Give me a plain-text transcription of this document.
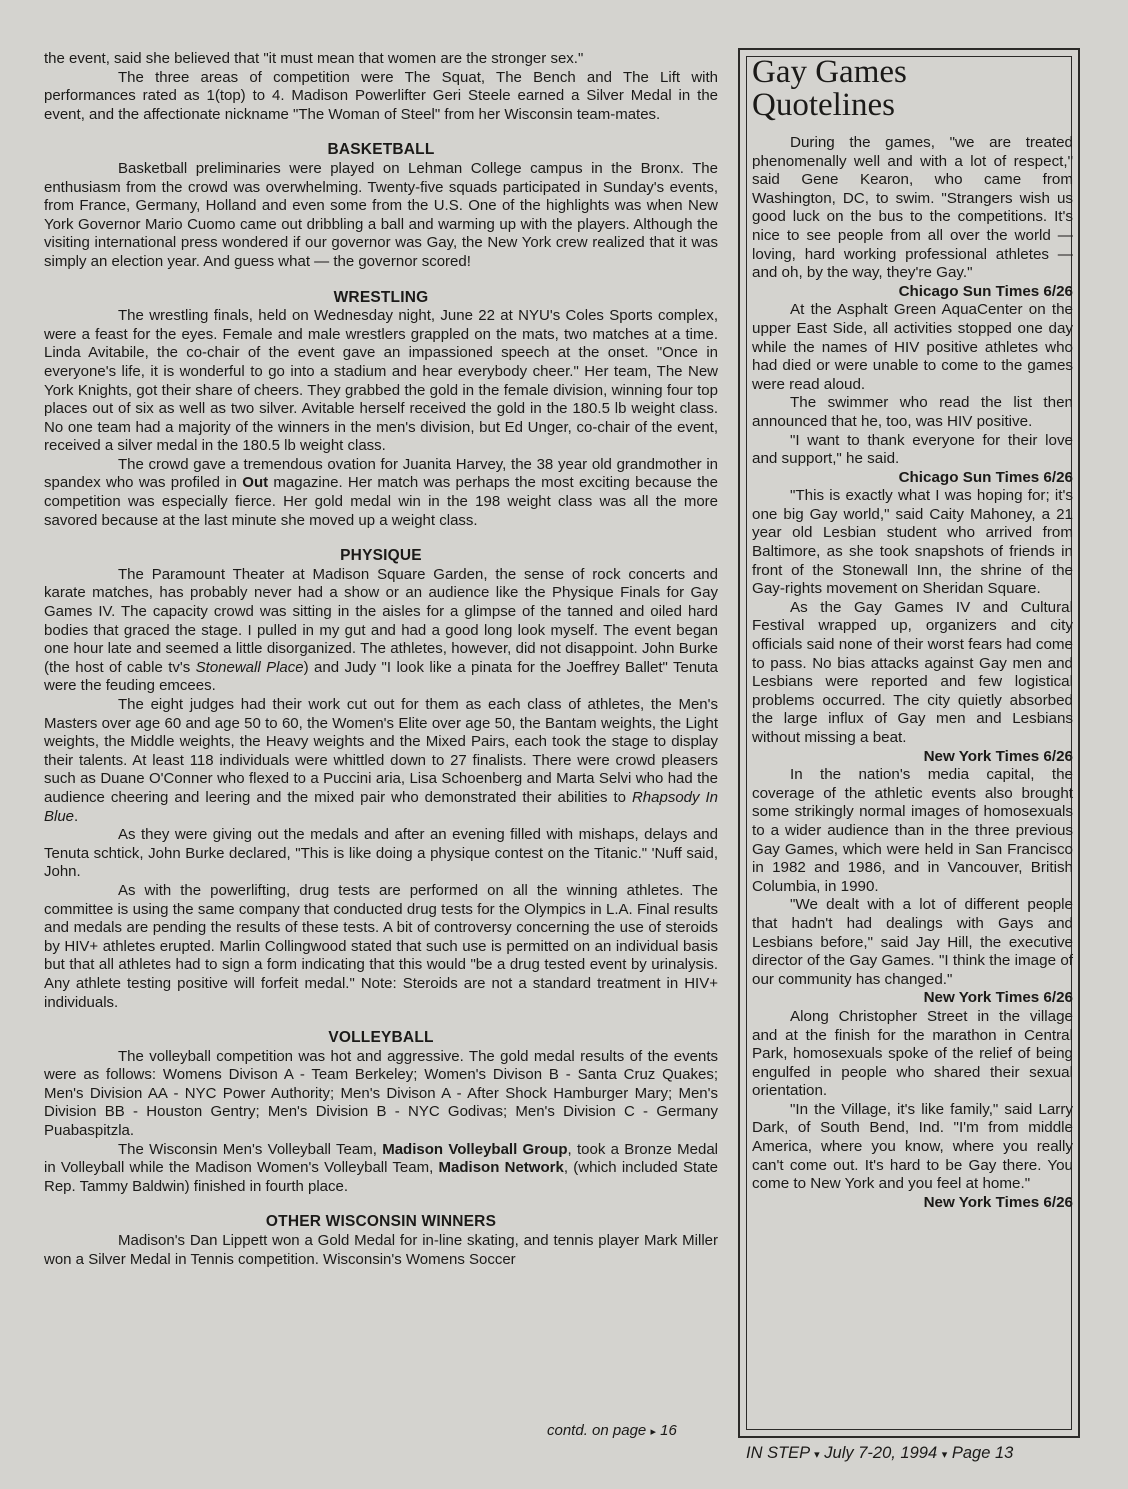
the event, said she believed that "it must mean that women are the stronger sex."

The three areas of competition were The Squat, The Bench and The Lift with performances rated as 1(top) to 4. Madison Powerlifter Geri Steele earned a Silver Medal in the event, and the affectionate nickname "The Woman of Steel" from her Wisconsin team-mates.

BASKETBALL

Basketball preliminaries were played on Lehman College campus in the Bronx. The enthusiasm from the crowd was overwhelming. Twenty-five squads participated in Sunday's events, from France, Germany, Holland and even some from the U.S. One of the highlights was when New York Governor Mario Cuomo came out dribbling a ball and warming up with the players. Although the visiting international press wondered if our governor was Gay, the New York crew realized that it was simply an election year. And guess what — the governor scored!

WRESTLING

The wrestling finals, held on Wednesday night, June 22 at NYU's Coles Sports complex, were a feast for the eyes. Female and male wrestlers grappled on the mats, two matches at a time. Linda Avitabile, the co-chair of the event gave an impassioned speech at the onset. "Once in everyone's life, it is wonderful to go into a stadium and hear everybody cheer." Her team, The New York Knights, got their share of cheers. They grabbed the gold in the female division, winning four top places out of six as well as two silver. Avitable herself received the gold in the 180.5 lb weight class. No one team had a majority of the winners in the men's division, but Ed Unger, co-chair of the event, received a silver medal in the 180.5 lb weight class.

The crowd gave a tremendous ovation for Juanita Harvey, the 38 year old grandmother in spandex who was profiled in Out magazine. Her match was perhaps the most exciting because the competition was especially fierce. Her gold medal win in the 198 weight class was all the more savored because at the last minute she moved up a weight class.

PHYSIQUE

The Paramount Theater at Madison Square Garden, the sense of rock concerts and karate matches, has probably never had a show or an audience like the Physique Finals for Gay Games IV. The capacity crowd was sitting in the aisles for a glimpse of the tanned and oiled hard bodies that graced the stage. I pulled in my gut and had a good long look myself. The event began one hour late and seemed a little disorganized. The athletes, however, did not disappoint. John Burke (the host of cable tv's Stonewall Place) and Judy "I look like a pinata for the Joeffrey Ballet" Tenuta were the feuding emcees.

The eight judges had their work cut out for them as each class of athletes, the Men's Masters over age 60 and age 50 to 60, the Women's Elite over age 50, the Bantam weights, the Light weights, the Middle weights, the Heavy weights and the Mixed Pairs, each took the stage to display their talents. At least 118 individuals were whittled down to 27 finalists. There were crowd pleasers such as Duane O'Conner who flexed to a Puccini aria, Lisa Schoenberg and Marta Selvi who had the audience cheering and leering and the mixed pair who demonstrated their abilities to Rhapsody In Blue.

As they were giving out the medals and after an evening filled with mishaps, delays and Tenuta schtick, John Burke declared, "This is like doing a physique contest on the Titanic." 'Nuff said, John.

As with the powerlifting, drug tests are performed on all the winning athletes. The committee is using the same company that conducted drug tests for the Olympics in L.A. Final results and medals are pending the results of these tests. A bit of controversy concerning the use of steroids by HIV+ athletes erupted. Marlin Collingwood stated that such use is permitted on an individual basis but that all athletes had to sign a form indicating that this would "be a drug tested event by urinalysis. Any athlete testing positive will forfeit medal." Note: Steroids are not a standard treatment in HIV+ individuals.

VOLLEYBALL

The volleyball competition was hot and aggressive. The gold medal results of the events were as follows: Womens Divison A - Team Berkeley; Women's Divison B - Santa Cruz Quakes; Men's Division AA - NYC Power Authority; Men's Divison A - After Shock Hamburger Mary; Men's Division BB - Houston Gentry; Men's Division B - NYC Godivas; Men's Division C - Germany Puabaspitzla.

The Wisconsin Men's Volleyball Team, Madison Volleyball Group, took a Bronze Medal in Volleyball while the Madison Women's Volleyball Team, Madison Network, (which included State Rep. Tammy Baldwin) finished in fourth place.

OTHER WISCONSIN WINNERS

Madison's Dan Lippett won a Gold Medal for in-line skating, and tennis player Mark Miller won a Silver Medal in Tennis competition. Wisconsin's Womens Soccer

contd. on page ▸ 16
Gay Games
Quotelines

During the games, "we are treated phenomenally well and with a lot of respect," said Gene Kearon, who came from Washington, DC, to swim. "Strangers wish us good luck on the bus to the competitions. It's nice to see people from all over the world — loving, hard working professional athletes — and oh, by the way, they're Gay."

Chicago Sun Times 6/26

At the Asphalt Green AquaCenter on the upper East Side, all activities stopped one day while the names of HIV positive athletes who had died or were unable to come to the games were read aloud.

The swimmer who read the list then announced that he, too, was HIV positive.

"I want to thank everyone for their love and support," he said.

Chicago Sun Times 6/26

"This is exactly what I was hoping for; it's one big Gay world," said Caity Mahoney, a 21 year old Lesbian student who arrived from Baltimore, as she took snapshots of friends in front of the Stonewall Inn, the shrine of the Gay-rights movement on Sheridan Square.

As the Gay Games IV and Cultural Festival wrapped up, organizers and city officials said none of their worst fears had come to pass. No bias attacks against Gay men and Lesbians were reported and few logistical problems occurred. The city quietly absorbed the large influx of Gay men and Lesbians without missing a beat.

New York Times 6/26

In the nation's media capital, the coverage of the athletic events also brought some strikingly normal images of homosexuals to a wider audience than in the three previous Gay Games, which were held in San Francisco in 1982 and 1986, and in Vancouver, British Columbia, in 1990.

"We dealt with a lot of different people that hadn't had dealings with Gays and Lesbians before," said Jay Hill, the executive director of the Gay Games. "I think the image of our community has changed."

New York Times 6/26

Along Christopher Street in the village and at the finish for the marathon in Central Park, homosexuals spoke of the relief of being engulfed in people who shared their sexual orientation.

"In the Village, it's like family," said Larry Dark, of South Bend, Ind. "I'm from middle America, where you know, where you really can't come out. It's hard to be Gay there. You come to New York and you feel at home."

New York Times 6/26

IN STEP ▾ July 7-20, 1994 ▾ Page 13
